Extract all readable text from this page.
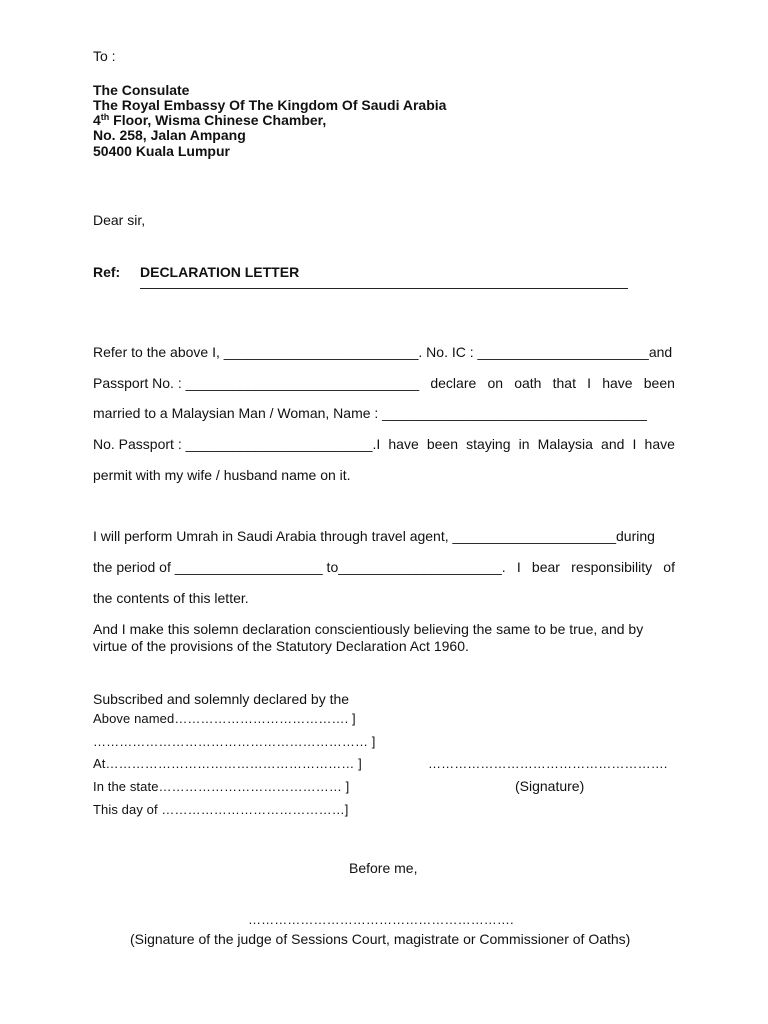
To :
The Consulate
The Royal Embassy Of The Kingdom Of Saudi Arabia
4th Floor, Wisma Chinese Chamber,
No. 258, Jalan Ampang
50400 Kuala Lumpur
Dear sir,
Ref: DECLARATION LETTER
Refer to the above I, _________________________. No. IC : ______________________and
Passport No. : ______________________________ declare on oath that I have been
married to a Malaysian Man / Woman, Name : __________________________________
No. Passport : ________________________.I have been staying in Malaysia and I have
permit with my wife / husband name on it.
I will perform Umrah in Saudi Arabia through travel agent, _____________________during
the period of ___________________ to_____________________. I bear responsibility of
the contents of this letter.
And I make this solemn declaration conscientiously believing the same to be true, and by
virtue of the provisions of the Statutory Declaration Act 1960.
Subscribed and solemnly declared by the
Above named…………………………………. ]
……………………………………………………… ]
At………………………………………………… ]
In the state…………………………………… ]
This day of ……………………………………]
……………………………………………….
(Signature)
Before me,
…………………………………………………….
(Signature of the judge of Sessions Court, magistrate or Commissioner of Oaths)
